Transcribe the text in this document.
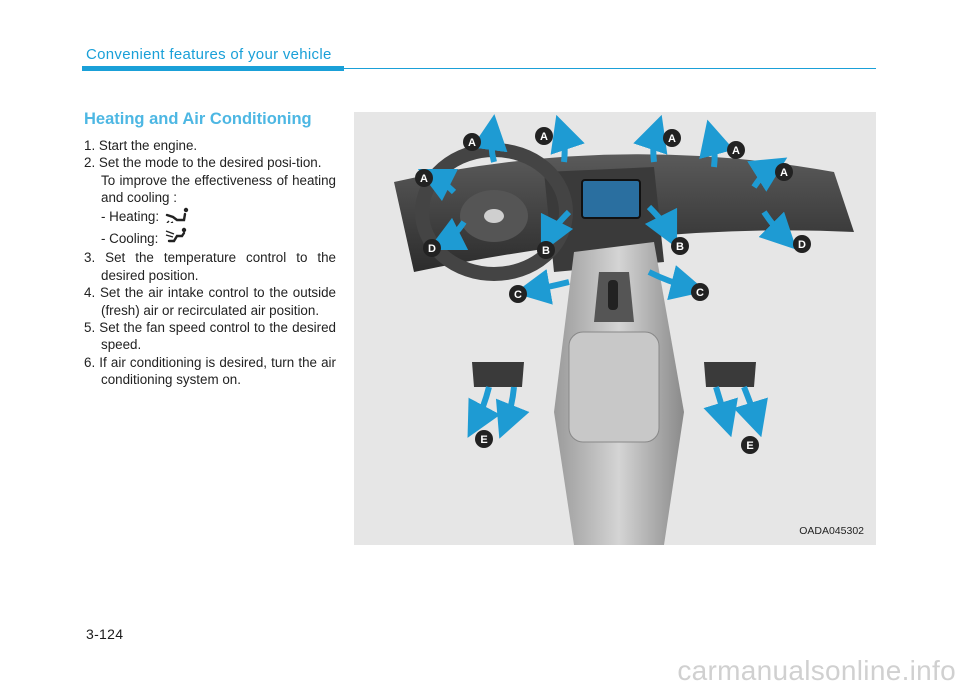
Convenient features of your vehicle
Heating and Air Conditioning
1. Start the engine.
2. Set the mode to the desired posi-tion.
To improve the effectiveness of heating and cooling :
- Heating:
- Cooling:
3. Set the temperature control to the desired position.
4. Set the air intake control to the outside (fresh) air or recirculated air position.
5. Set the fan speed control to the desired speed.
6. If air conditioning is desired, turn the air conditioning system on.
A	A	A
A
A	A
B	B
C	C
D	D
E	E
OADA045302
3-124
carmanualsonline.info
